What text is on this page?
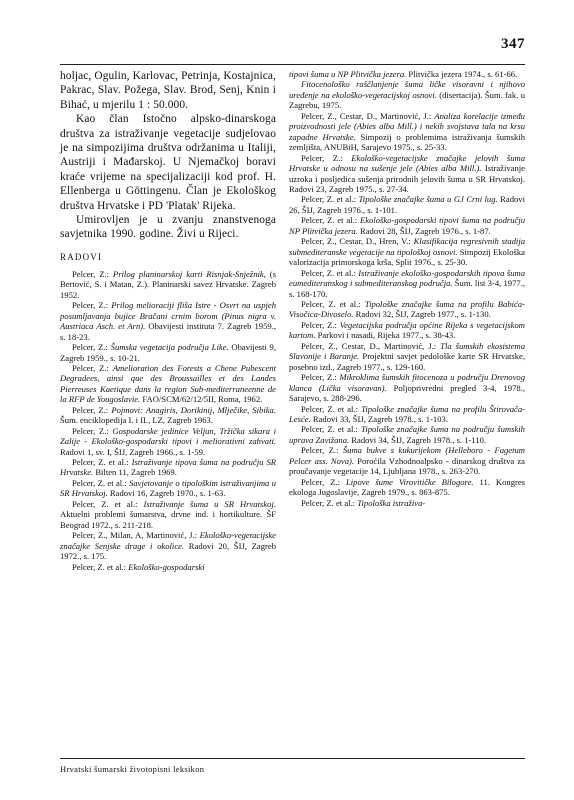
347

holjac, Ogulin, Karlovac, Petrinja, Kostajnica, Pakrac, Slav. Požega, Slav. Brod, Senj, Knin i Bihać, u mjerilu 1 : 50.000.

Kao član Istočno alpsko-dinarskoga društva za istraživanje vegetacije sudjelovao je na simpozijima društva održanima u Italiji, Austriji i Mađarskoj. U Njemačkoj boravi kraće vrijeme na specijalizaciji kod prof. H. Ellenberga u Göttingenu. Član je Ekološkog društva Hrvatske i PD 'Platak' Rijeka.

Umirovljen je u zvanju znanstvenoga savjetnika 1990. godine. Živi u Rijeci.

RADOVI

Pelcer, Z.: Prilog planinarskoj karti Risnjak-Snježnik, (s Bertović, S. i Matan, Z.). Planinarski savez Hrvatske. Zagreb 1952.

Pelcer, Z.: Prilog melioraciji fliša Istre - Osvrt na uspjeh posumljavanja bujice Bračani crnim borom (Pinus nigra v. Austriaca Asch. et Arn). Obavijesti instituta 7. Zagreb 1959., s. 18-23.

Pelcer, Z.: Šumska vegetacija područja Like. Obavijesti 9, Zagreb 1959., s. 10-21.

Pelcer, Z.: Amelioration des Forests a Chene Pubescent Degradees, ainsi que des Broussailles et des Landes Pierreuses Kaetique dans la region Sub-mediterraneenne de la RFP de Yougoslavie. FAO/SCM/62/12/5II, Roma, 1962.

Pelcer, Z.: Pojmovi: Anagiris, Dorikinij, Mlječike, Sibika. Šum. enciklopedija I. i II., LZ, Zagreb 1963.

Pelcer, Z.: Gospodarske jedinice Veljun, Tržička sikara i Zalije - Ekološko-gospodarski tipovi i meliorativni zahvati. Radovi 1, sv. I, ŠIJ, Zagreb 1966., s. 1-59.

Pelcer, Z. et al.: Istraživanje tipova šuma na području SR Hrvatske. Bilten 11, Zagreb 1969.

Pelcer, Z. et al.: Savjetovanje o tipološkim istraživanjima u SR Hrvatskoj. Radovi 16, Zagreb 1970., s. 1-63.

Pelcer, Z. et al.: Istraživanje šuma u SR Hrvatskoj. Aktuelni problemi šumarstva, drvne ind. i hortikulture. ŠF Beograd 1972., s. 211-218.

Pelcer, Z., Milan, A, Martinović, J.: Ekološko-vegetacijske značajke Senjske drage i okolice. Radovi 20, ŠIJ, Zagreb 1972., s. 175.

Pelcer, Z. et al.: Ekološko-gospodarski

tipovi šuma u NP Plitvička jezera. Plitvička jezera 1974., s. 61-66.

Fitocenološko raščlanjenje šuma ličke visoravni i njihovo uređenje na ekološko-vegetacijskoj osnovi. (disertacija). Šum. fak. u Zagrebu, 1975.

Pelcer, Z., Cestar, D., Martinović, J.: Analiza korelacije između proizvodnosti jele (Abies alba Mill.) i nekih svojstava tala na krsu zapadne Hrvatske. Simpozij o problemima istraživanja šumskih zemljišta, ANUBiH, Sarajevo 1975., s. 25-33.

Pelcer, Z.: Ekološko-vegetacijske značajke jelovih šuma Hrvatske u odnosu na sušenje jele (Abies alba Mill.). Istraživanje uzroka i posljedica sušenja prirodnih jelovih šuma u SR Hrvatskoj. Radovi 23, Zagreb 1975., s. 27-34.

Pelcer, Z. et al.: Tipološke značajke šuma u GJ Crni lug. Radovi 26, ŠIJ, Zagreb 1976., s. 1-101.

Pelcer, Z. et al.: Ekološko-gospodarski tipovi šuma na području NP Plitvička jezera. Radovi 28, ŠIJ, Zagreb 1976., s. 1-87.

Pelcer, Z., Cestar, D., Hren, V.: Klasifikacija regresivnih stadija submediteranske vegetacije na tipološkoj osnovi. Simpozij Ekološka valorizacija primorskoga krša, Split 1976., s. 25-30.

Pelcer, Z. et al.: Istraživanje ekološko-gospodarskih tipova šuma eumediteranskog i submediteranskog područja. Šum. list 3-4, 1977., s. 168-170.

Pelcer, Z. et al.: Tipološke značajke šuma na profilu Babića-Visočica-Divoselo. Radovi 32, ŠIJ, Zagreb 1977., s. 1-130.

Pelcer, Z.: Vegetacijska područja općine Rijeka s vegetacijskom kartom. Parkovi i nasadi, Rijeka 1977., s. 38-43.

Pelcer, Z., Cestar, D., Martinović, J.: Tla šumskih ekosistema Slavonije i Baranje. Projektni savjet pedološke karte SR Hrvatske, posebno izd., Zagreb 1977., s. 129-160.

Pelcer, Z.: Mikroklima šumskih fitocenoza u području Drenovog klanca (Lička visoravan). Poljoprivredni pregled 3-4, 1978., Sarajevo, s. 288-296.

Pelcer, Z. et al.: Tipološke značajke šuma na profilu Štirovača-Lesće. Radovi 33, ŠIJ, Zagreb 1978., s. 1-103.

Pelcer, Z. et al.: Tipološke značajke šuma na području šumskih uprava Zavižana. Radovi 34, ŠIJ, Zagreb 1978., s. 1-110.

Pelcer, Z.: Šuma bukve s kukurijekom (Helleboro - Fagetum Pelcer ass. Nova). Poroćila Vzhodnoalpsko - dinarskog društva za proučavanje vegetacije 14, Ljubljana 1978., s. 263-270.

Pelcer, Z.: Lipove šume Virovitičke Bilogore. 11. Kongres ekologa Jugoslavije, Zagreb 1979., s. 863-875.

Pelcer, Z. et al.: Tipološka istraživa-

Hrvatski šumarski životopisni leksikon
